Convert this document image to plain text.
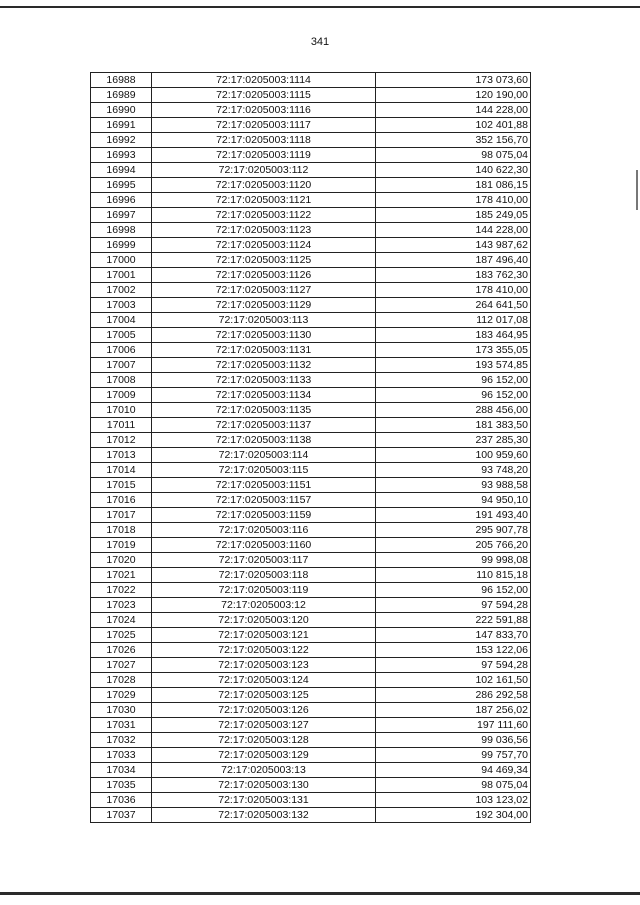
341
16988	72:17:0205003:1114	173 073,60
16989	72:17:0205003:1115	120 190,00
16990	72:17:0205003:1116	144 228,00
16991	72:17:0205003:1117	102 401,88
16992	72:17:0205003:1118	352 156,70
16993	72:17:0205003:1119	98 075,04
16994	72:17:0205003:112	140 622,30
16995	72:17:0205003:1120	181 086,15
16996	72:17:0205003:1121	178 410,00
16997	72:17:0205003:1122	185 249,05
16998	72:17:0205003:1123	144 228,00
16999	72:17:0205003:1124	143 987,62
17000	72:17:0205003:1125	187 496,40
17001	72:17:0205003:1126	183 762,30
17002	72:17:0205003:1127	178 410,00
17003	72:17:0205003:1129	264 641,50
17004	72:17:0205003:113	112 017,08
17005	72:17:0205003:1130	183 464,95
17006	72:17:0205003:1131	173 355,05
17007	72:17:0205003:1132	193 574,85
17008	72:17:0205003:1133	96 152,00
17009	72:17:0205003:1134	96 152,00
17010	72:17:0205003:1135	288 456,00
17011	72:17:0205003:1137	181 383,50
17012	72:17:0205003:1138	237 285,30
17013	72:17:0205003:114	100 959,60
17014	72:17:0205003:115	93 748,20
17015	72:17:0205003:1151	93 988,58
17016	72:17:0205003:1157	94 950,10
17017	72:17:0205003:1159	191 493,40
17018	72:17:0205003:116	295 907,78
17019	72:17:0205003:1160	205 766,20
17020	72:17:0205003:117	99 998,08
17021	72:17:0205003:118	110 815,18
17022	72:17:0205003:119	96 152,00
17023	72:17:0205003:12	97 594,28
17024	72:17:0205003:120	222 591,88
17025	72:17:0205003:121	147 833,70
17026	72:17:0205003:122	153 122,06
17027	72:17:0205003:123	97 594,28
17028	72:17:0205003:124	102 161,50
17029	72:17:0205003:125	286 292,58
17030	72:17:0205003:126	187 256,02
17031	72:17:0205003:127	197 111,60
17032	72:17:0205003:128	99 036,56
17033	72:17:0205003:129	99 757,70
17034	72:17:0205003:13	94 469,34
17035	72:17:0205003:130	98 075,04
17036	72:17:0205003:131	103 123,02
17037	72:17:0205003:132	192 304,00
